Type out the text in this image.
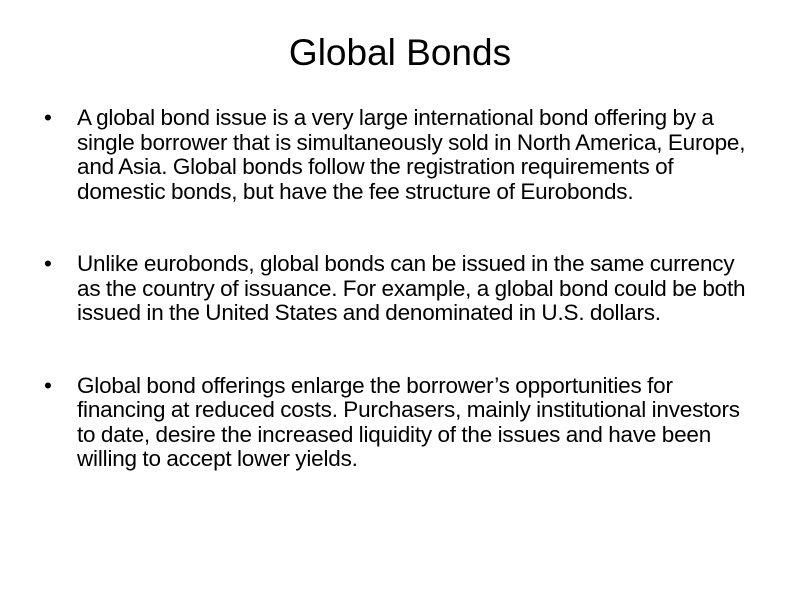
Global Bonds
•	A global bond issue is a very large international bond offering by a single borrower that is simultaneously sold in North America, Europe, and Asia. Global bonds follow the registration requirements of domestic bonds, but have the fee structure of Eurobonds.
•	Unlike eurobonds, global bonds can be issued in the same currency as the country of issuance. For example, a global bond could be both issued in the United States and denominated in U.S. dollars.
•	Global bond offerings enlarge the borrower’s opportunities for financing at reduced costs. Purchasers, mainly institutional investors to date, desire the increased liquidity of the issues and have been willing to accept lower yields.
